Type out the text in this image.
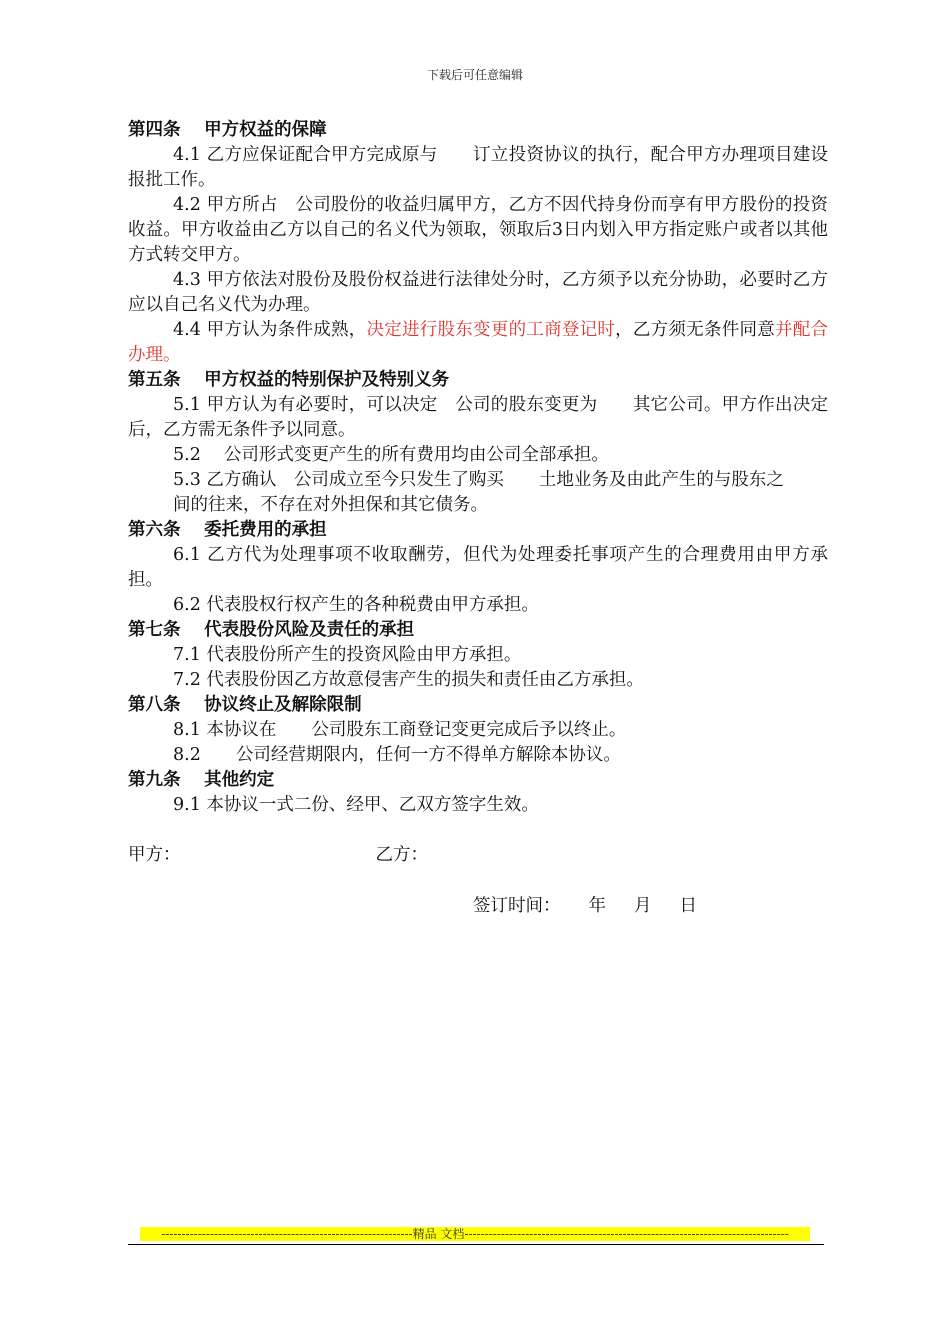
下载后可任意编辑
第四条　 甲方权益的保障
4.1 乙方应保证配合甲方完成原与　　订立投资协议的执行，配合甲方办理项目建设报批工作。
4.2 甲方所占　公司股份的收益归属甲方，乙方不因代持身份而享有甲方股份的投资收益。甲方收益由乙方以自己的名义代为领取，领取后3日内划入甲方指定账户或者以其他方式转交甲方。
4.3 甲方依法对股份及股份权益进行法律处分时，乙方须予以充分协助，必要时乙方应以自己名义代为办理。
4.4 甲方认为条件成熟，决定进行股东变更的工商登记时，乙方须无条件同意并配合办理。
第五条　 甲方权益的特别保护及特别义务
5.1 甲方认为有必要时，可以决定　公司的股东变更为　　其它公司。甲方作出决定后，乙方需无条件予以同意。
5.2　 公司形式变更产生的所有费用均由公司全部承担。
5.3 乙方确认　公司成立至今只发生了购买　　土地业务及由此产生的与股东之
间的往来，不存在对外担保和其它债务。
第六条　 委托费用的承担
6.1 乙方代为处理事项不收取酬劳，但代为处理委托事项产生的合理费用由甲方承担。
6.2 代表股权行权产生的各种税费由甲方承担。
第七条　 代表股份风险及责任的承担
7.1 代表股份所产生的投资风险由甲方承担。
7.2 代表股份因乙方故意侵害产生的损失和责任由乙方承担。
第八条　 协议终止及解除限制
8.1 本协议在　　公司股东工商登记变更完成后予以终止。
8.2　　公司经营期限内，任何一方不得单方解除本协议。
第九条　 其他约定
9.1 本协议一式二份、经甲、乙双方签字生效。
甲方：	乙方：
签订时间： 年 月 日
--------------------------------------------------------------精品 文档--------------------------------------------------------------------------------
